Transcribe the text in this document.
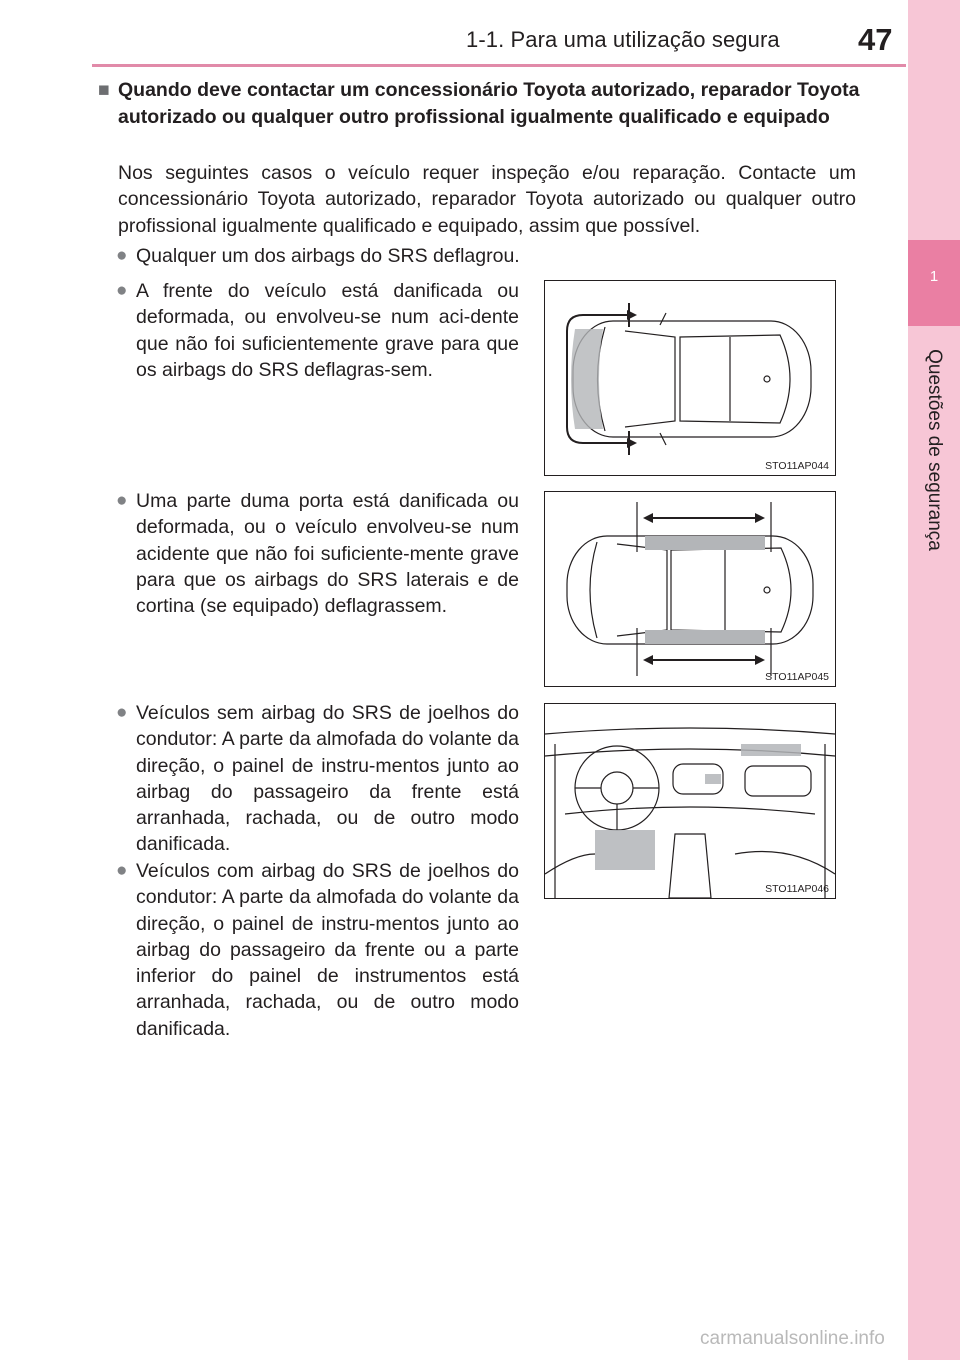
1-1. Para uma utilização segura	47
1
Questões de segurança
■ Quando deve contactar um concessionário Toyota autorizado, reparador Toyota autorizado ou qualquer outro profissional igualmente qualificado e equipado
Nos seguintes casos o veículo requer inspeção e/ou reparação. Contacte um concessionário Toyota autorizado, reparador Toyota autorizado ou qualquer outro profissional igualmente qualificado e equipado, assim que possível.
● Qualquer um dos airbags do SRS deflagrou.
● A frente do veículo está danificada ou deformada, ou envolveu-se num aci-dente que não foi suficientemente grave para que os airbags do SRS deflagras-sem.
● Uma parte duma porta está danificada ou deformada, ou o veículo envolveu-se num acidente que não foi suficiente-mente grave para que os airbags do SRS laterais e de cortina (se equipado) deflagrassem.
● Veículos sem airbag do SRS de joelhos do condutor: A parte da almofada do volante da direção, o painel de instru-mentos junto ao airbag do passageiro da frente está arranhada, rachada, ou de outro modo danificada.
● Veículos com airbag do SRS de joelhos do condutor: A parte da almofada do volante da direção, o painel de instru-mentos junto ao airbag do passageiro da frente ou a parte inferior do painel de instrumentos está arranhada, rachada, ou de outro modo danificada.
STO11AP044
STO11AP045
STO11AP046
carmanualsonline.info
